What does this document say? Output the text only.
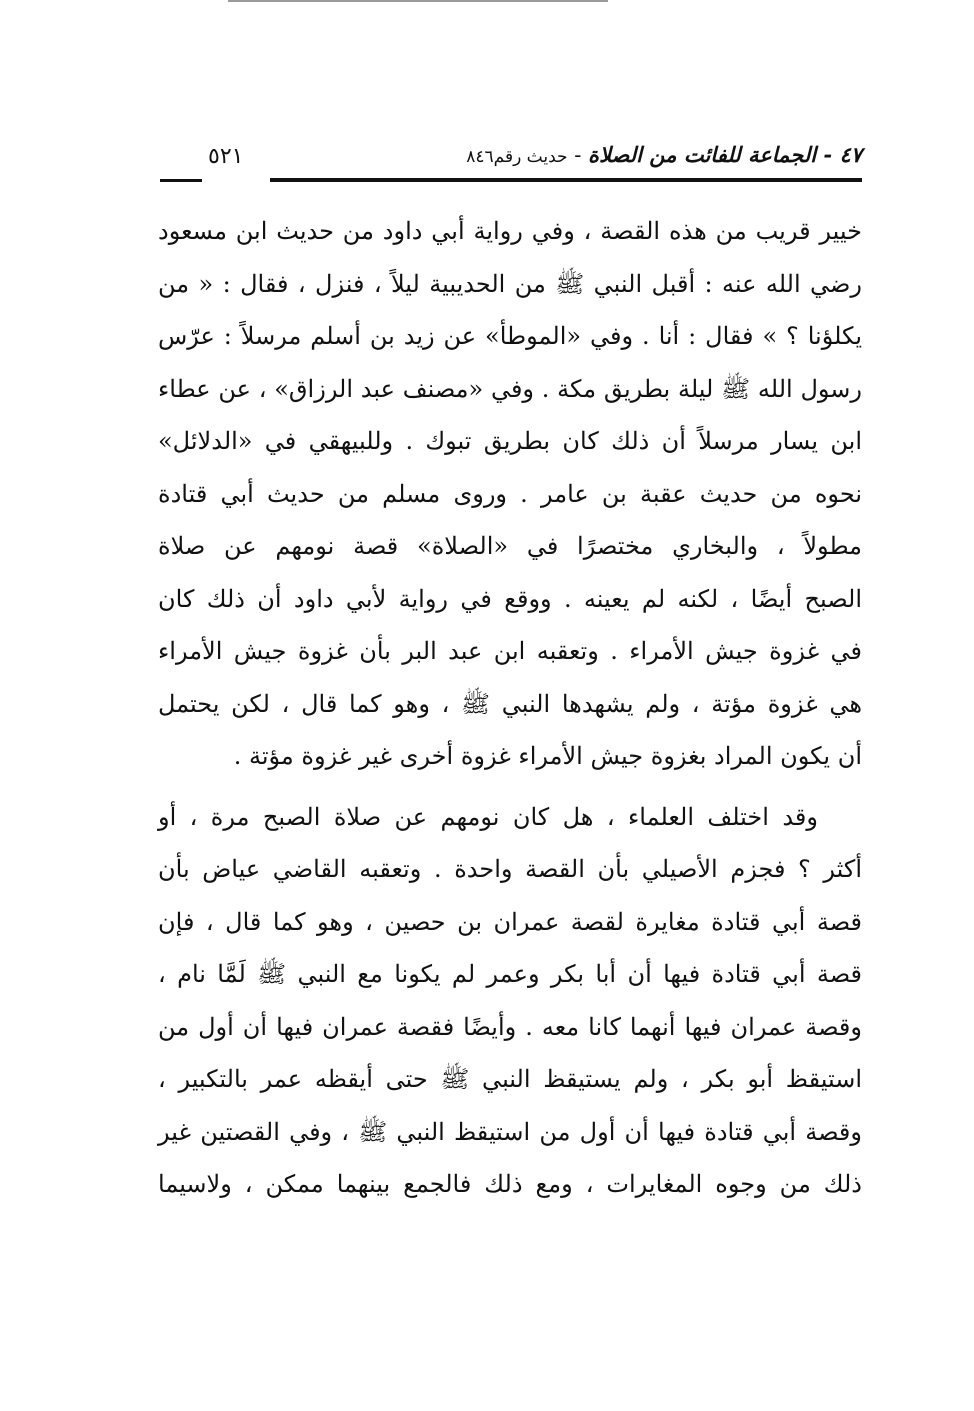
٤٧ - الجماعة للفائت من الصلاة - حديث رقم٨٤٦
٥٢١

خيير قريب من هذه القصة ، وفي رواية أبي داود من حديث ابن مسعود
رضي الله عنه : أقبل النبي ﷺ من الحديبية ليلاً ، فنزل ، فقال : « من
يكلؤنا ؟ » فقال : أنا . وفي «الموطأ» عن زيد بن أسلم مرسلاً : عرّس
رسول الله ﷺ ليلة بطريق مكة . وفي «مصنف عبد الرزاق» ، عن عطاء
ابن يسار مرسلاً أن ذلك كان بطريق تبوك . وللبيهقي في «الدلائل»
نحوه من حديث عقبة بن عامر . وروى مسلم من حديث أبي قتادة
مطولاً ، والبخاري مختصرًا في «الصلاة» قصة نومهم عن صلاة
الصبح أيضًا ، لكنه لم يعينه . ووقع في رواية لأبي داود أن ذلك كان
في غزوة جيش الأمراء . وتعقبه ابن عبد البر بأن غزوة جيش الأمراء
هي غزوة مؤتة ، ولم يشهدها النبي ﷺ ، وهو كما قال ، لكن يحتمل
أن يكون المراد بغزوة جيش الأمراء غزوة أخرى غير غزوة مؤتة .

وقد اختلف العلماء ، هل كان نومهم عن صلاة الصبح مرة ، أو
أكثر ؟ فجزم الأصيلي بأن القصة واحدة . وتعقبه القاضي عياض بأن
قصة أبي قتادة مغايرة لقصة عمران بن حصين ، وهو كما قال ، فإن
قصة أبي قتادة فيها أن أبا بكر وعمر لم يكونا مع النبي ﷺ لَمَّا نام ،
وقصة عمران فيها أنهما كانا معه . وأيضًا فقصة عمران فيها أن أول من
استيقظ أبو بكر ، ولم يستيقظ النبي ﷺ حتى أيقظه عمر بالتكبير ،
وقصة أبي قتادة فيها أن أول من استيقظ النبي ﷺ ، وفي القصتين غير
ذلك من وجوه المغايرات ، ومع ذلك فالجمع بينهما ممكن ، ولاسيما
